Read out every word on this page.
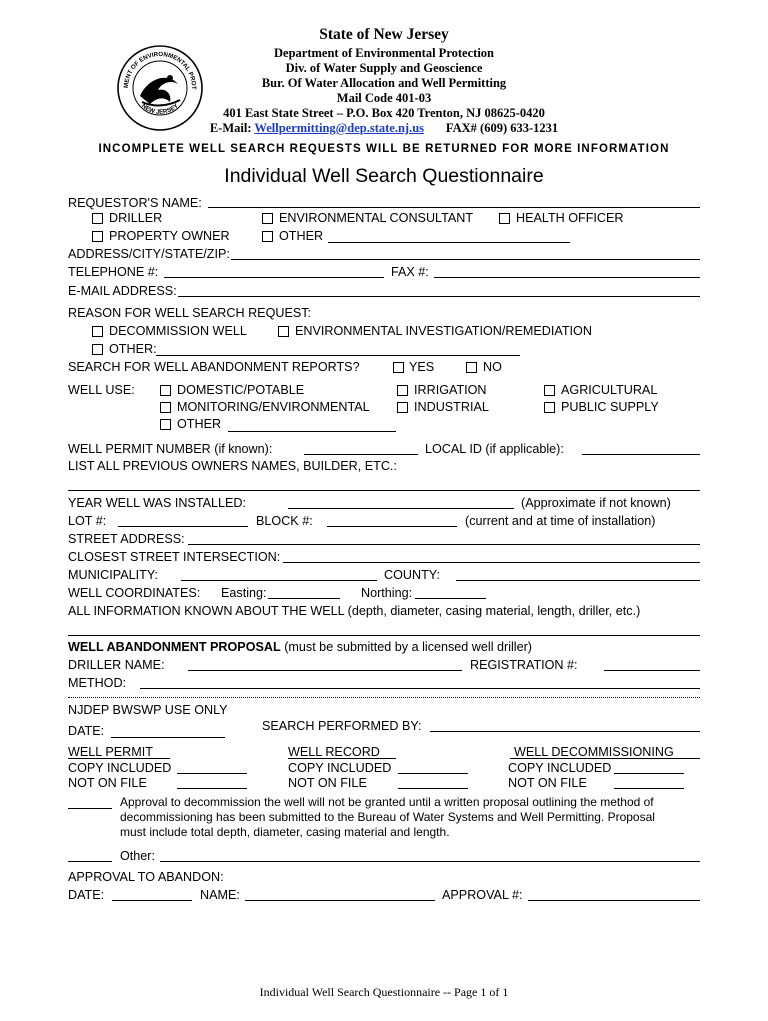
MENT OF ENVIRONMENTAL PROT
NEW JERSEY
State of New Jersey
Department of Environmental Protection
Div. of Water Supply and Geoscience
Bur. Of Water Allocation and Well Permitting
Mail Code 401-03
401 East State Street – P.O. Box 420 Trenton, NJ 08625-0420
E-Mail: Wellpermitting@dep.state.nj.us FAX# (609) 633-1231
INCOMPLETE WELL SEARCH REQUESTS WILL BE RETURNED FOR MORE INFORMATION
Individual Well Search Questionnaire
REQUESTOR'S NAME:
DRILLER	ENVIRONMENTAL CONSULTANT	HEALTH OFFICER
PROPERTY OWNER	OTHER
ADDRESS/CITY/STATE/ZIP:
TELEPHONE #:	FAX #:
E-MAIL ADDRESS:
REASON FOR WELL SEARCH REQUEST:
DECOMMISSION WELL	ENVIRONMENTAL INVESTIGATION/REMEDIATION
OTHER:
SEARCH FOR WELL ABANDONMENT REPORTS?	YES	NO
WELL USE:	DOMESTIC/POTABLE	IRRIGATION	AGRICULTURAL
MONITORING/ENVIRONMENTAL	INDUSTRIAL	PUBLIC SUPPLY
OTHER
WELL PERMIT NUMBER (if known):	LOCAL ID (if applicable):
LIST ALL PREVIOUS OWNERS NAMES, BUILDER, ETC.:
YEAR WELL WAS INSTALLED:	(Approximate if not known)
LOT #:	BLOCK #:	(current and at time of installation)
STREET ADDRESS:
CLOSEST STREET INTERSECTION:
MUNICIPALITY:	COUNTY:
WELL COORDINATES: Easting:	Northing:
ALL INFORMATION KNOWN ABOUT THE WELL (depth, diameter, casing material, length, driller, etc.)
WELL ABANDONMENT PROPOSAL (must be submitted by a licensed well driller)
DRILLER NAME:	REGISTRATION #:
METHOD:
NJDEP BWSWP USE ONLY
SEARCH PERFORMED BY:
DATE:
WELL PERMIT	WELL RECORD	WELL DECOMMISSIONING
COPY INCLUDED	COPY INCLUDED	COPY INCLUDED
NOT ON FILE	NOT ON FILE	NOT ON FILE
Approval to decommission the well will not be granted until a written proposal outlining the method of
decommissioning has been submitted to the Bureau of Water Systems and Well Permitting. Proposal
must include total depth, diameter, casing material and length.
Other:
APPROVAL TO ABANDON:
DATE:	NAME:	APPROVAL #:
Individual Well Search Questionnaire -- Page 1 of 1
